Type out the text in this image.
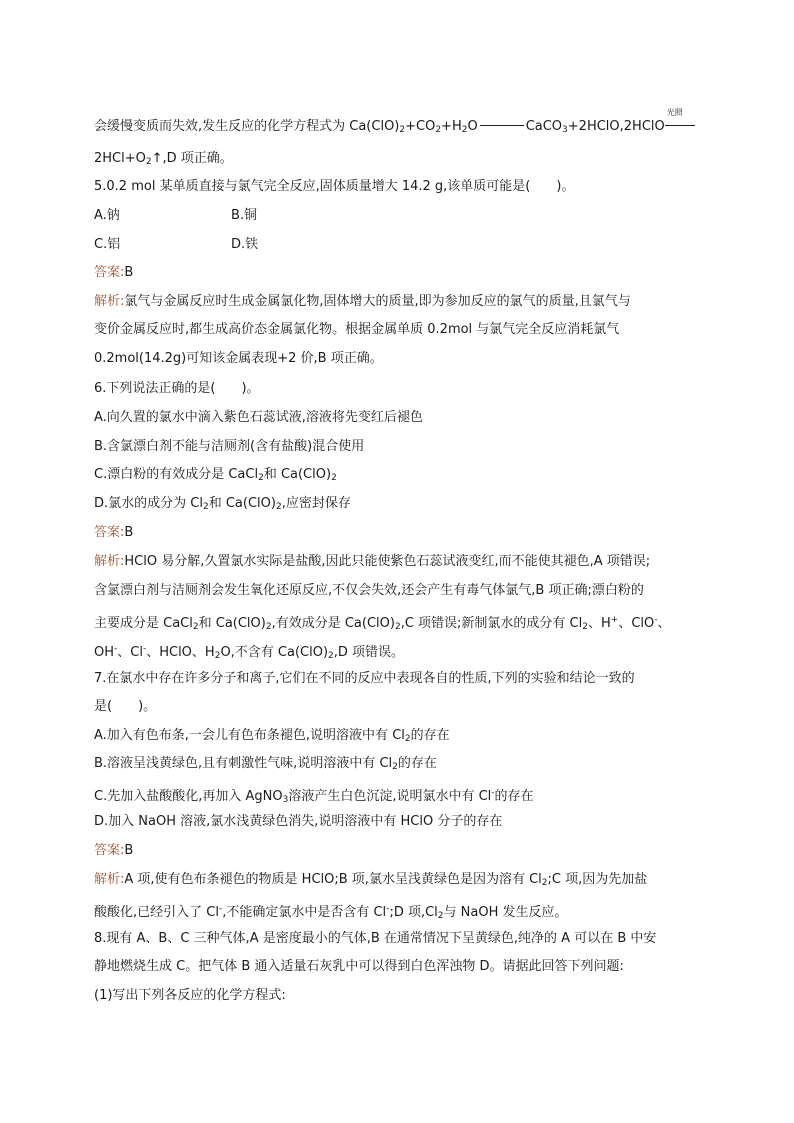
会缓慢变质而失效,发生反应的化学方程式为 $Ca(ClO)_2+CO_2+H_2O$	CaCO$_3$+2HClO,2HClO
光照
$2HCl+O_2↑,D$ 项正确。
5.0.2 mol 某单质直接与氯气完全反应,固体质量增大 14.2 g,该单质可能是(　　)。
A.钠	B.铜
C.铝	D.铁
答案:B
解析:氯气与金属反应时生成金属氯化物,固体增大的质量,即为参加反应的氯气的质量,且氯气与
变价金属反应时,都生成高价态金属氯化物。根据金属单质 0.2mol 与氯气完全反应消耗氯气
0.2mol(14.2g)可知该金属表现+2 价,B 项正确。
6.下列说法正确的是(　　)。
A.向久置的氯水中滴入紫色石蕊试液,溶液将先变红后褪色
B.含氯漂白剂不能与洁厕剂(含有盐酸)混合使用
C.漂白粉的有效成分是 CaCl$_2$和 $Ca(ClO)_2$
D.氯水的成分为 $Cl_2$和 $Ca(ClO)_2$,应密封保存
答案:B
解析:HClO 易分解,久置氯水实际是盐酸,因此只能使紫色石蕊试液变红,而不能使其褪色,A 项错误;
含氯漂白剂与洁厕剂会发生氧化还原反应,不仅会失效,还会产生有毒气体氯气,B 项正确;漂白粉的
主要成分是 CaCl$_2$和 $Ca(ClO)_2$,有效成分是 $Ca(ClO)_2,C$ 项错误;新制氯水的成分有 $Cl_2$、H+、ClO-、
OH-、Cl-、HClO、$H_2O$,不含有 $Ca(ClO)_2,D$ 项错误。
7.在氯水中存在许多分子和离子,它们在不同的反应中表现各自的性质,下列的实验和结论一致的
是(　　)。
A.加入有色布条,一会儿有色布条褪色,说明溶液中有 $Cl_2$的存在
B.溶液呈浅黄绿色,且有刺激性气味,说明溶液中有 $Cl_2$的存在
C.先加入盐酸酸化,再加入 AgNO$_3$溶液产生白色沉淀,说明氯水中有 Cl-的存在
D.加入 NaOH 溶液,氯水浅黄绿色消失,说明溶液中有 HClO 分子的存在
答案:B
解析:A 项,使有色布条褪色的物质是 HClO;B 项,氯水呈浅黄绿色是因为溶有 $Cl_2;C$ 项,因为先加盐
酸酸化,已经引入了 Cl-,不能确定氯水中是否含有 Cl-;D 项$,Cl_2$与 NaOH 发生反应。
8.现有 A、B、C 三种气体,A 是密度最小的气体,B 在通常情况下呈黄绿色,纯净的 A 可以在 B 中安
静地燃烧生成 C。把气体 B 通入适量石灰乳中可以得到白色浑浊物 D。请据此回答下列问题:
(1)写出下列各反应的化学方程式:
